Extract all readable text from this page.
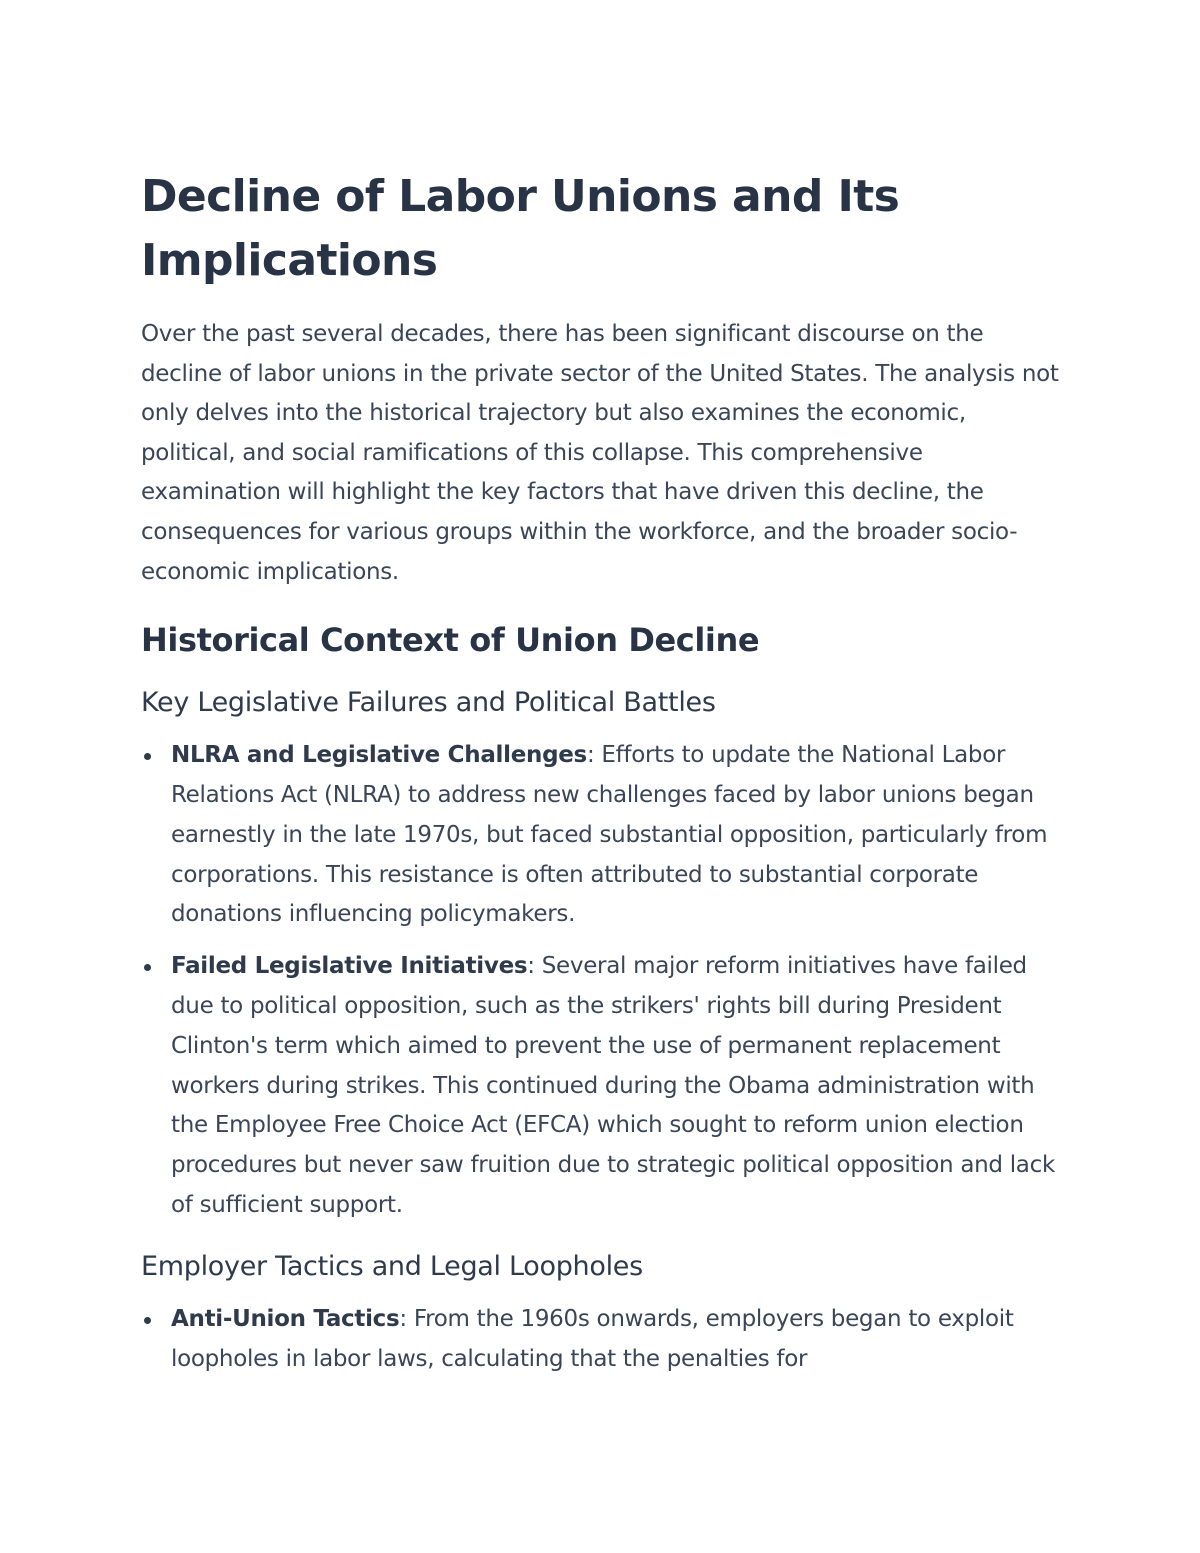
Decline of Labor Unions and Its Implications

Over the past several decades, there has been significant discourse on the decline of labor unions in the private sector of the United States. The analysis not only delves into the historical trajectory but also examines the economic, political, and social ramifications of this collapse. This comprehensive examination will highlight the key factors that have driven this decline, the consequences for various groups within the workforce, and the broader socio-economic implications.

Historical Context of Union Decline
Key Legislative Failures and Political Battles
NLRA and Legislative Challenges: Efforts to update the National Labor Relations Act (NLRA) to address new challenges faced by labor unions began earnestly in the late 1970s, but faced substantial opposition, particularly from corporations. This resistance is often attributed to substantial corporate donations influencing policymakers.
Failed Legislative Initiatives: Several major reform initiatives have failed due to political opposition, such as the strikers' rights bill during President Clinton's term which aimed to prevent the use of permanent replacement workers during strikes. This continued during the Obama administration with the Employee Free Choice Act (EFCA) which sought to reform union election procedures but never saw fruition due to strategic political opposition and lack of sufficient support.
Employer Tactics and Legal Loopholes
Anti-Union Tactics: From the 1960s onwards, employers began to exploit loopholes in labor laws, calculating that the penalties for
